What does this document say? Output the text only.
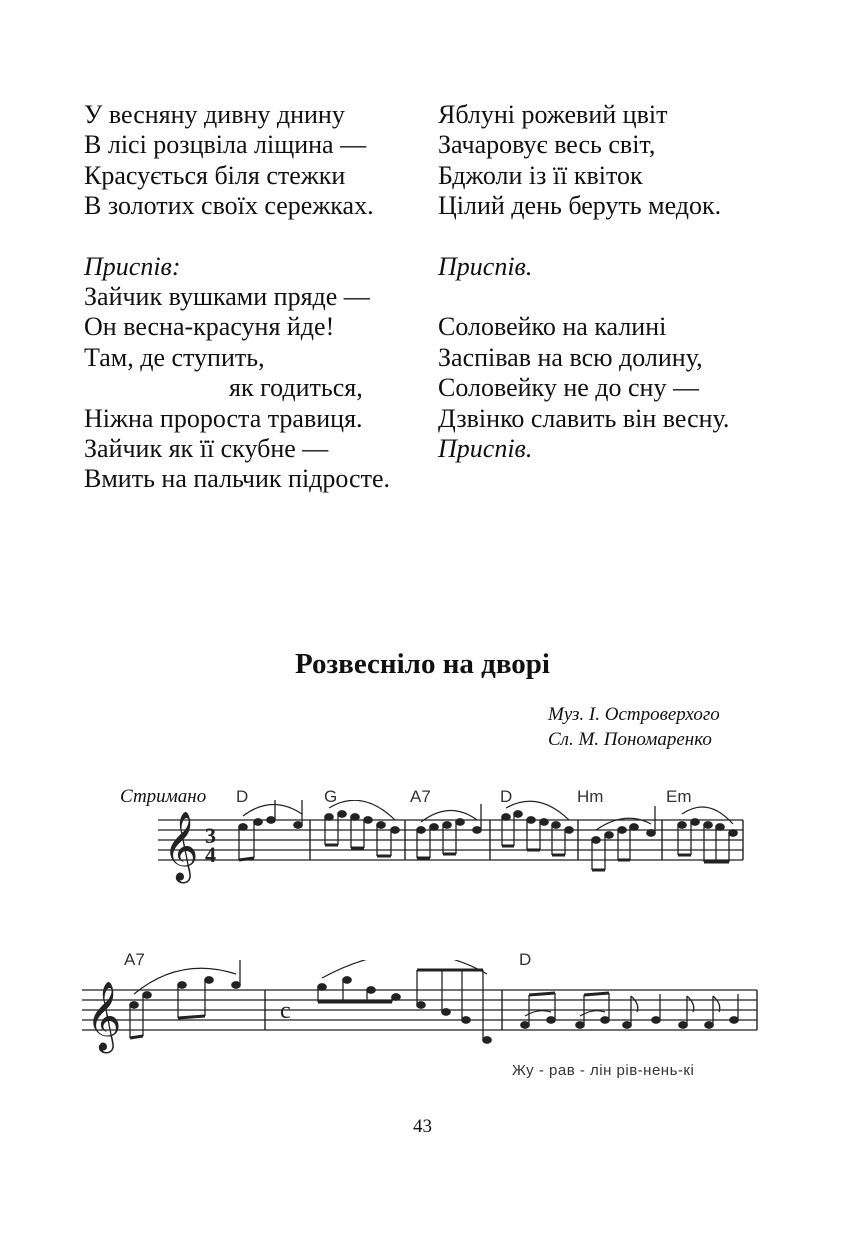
У весняну дивну днину
В лісі розцвіла ліщина —
Красується біля стежки
В золотих своїх сережках.
Приспів:
Зайчик вушками пряде —
Он весна-красуня йде!
Там, де ступить,
як годиться,
Ніжна пророста травиця.
Зайчик як її скубне —
Вмить на пальчик підросте.
Яблуні рожевий цвіт
Зачаровує весь світ,
Бджоли із її квіток
Цілий день беруть медок.
Приспів.
Соловейко на калині
Заспівав на всю долину,
Соловейку не до сну —
Дзвінко славить він весну.
Приспів.
Розвесніло на дворі
Муз. І. Островерхого
Сл. М. Пономаренко
Стримано D	G	A7	D	Hm	Em
𝄞 3
4
A7	D
𝄞	c
Жу - рав - лін рів-нень-кі
43
